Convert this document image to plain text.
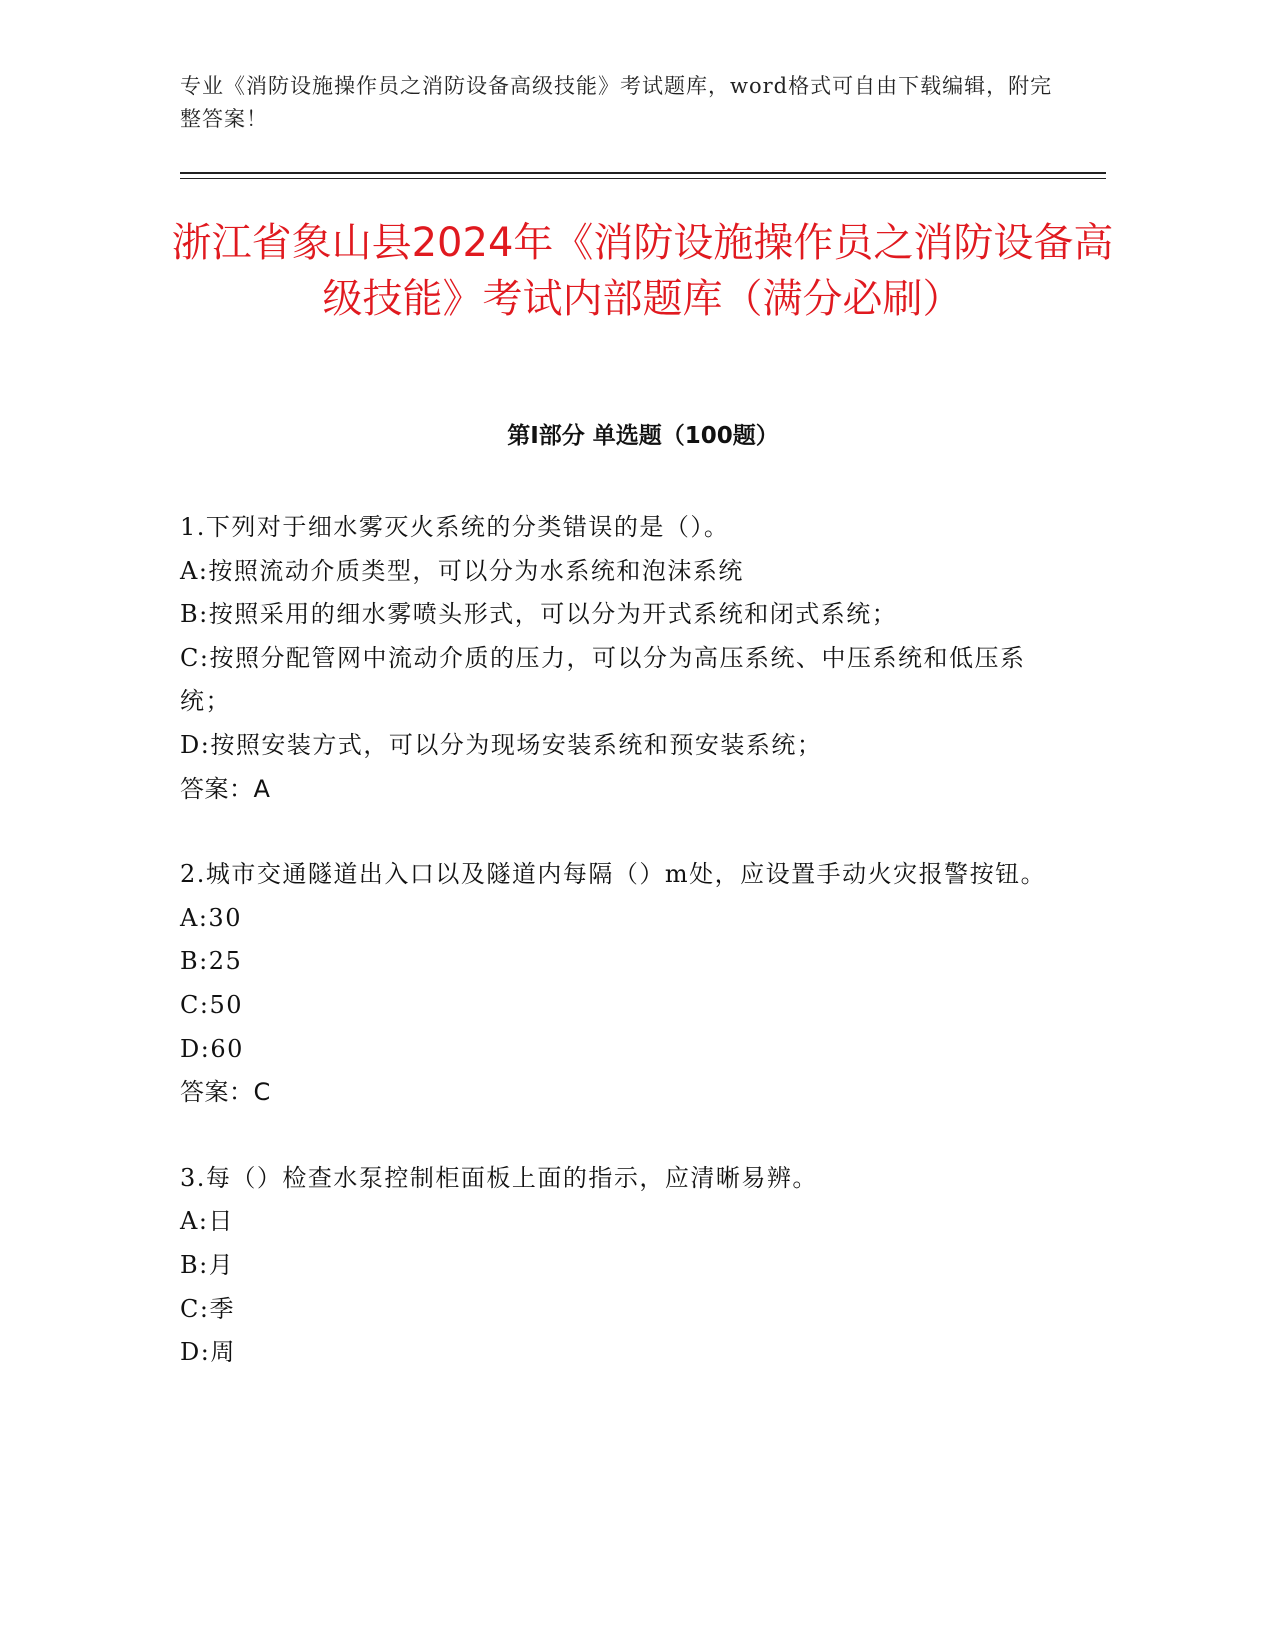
专业《消防设施操作员之消防设备高级技能》考试题库，word格式可自由下载编辑，附完整答案！
浙江省象山县2024年《消防设施操作员之消防设备高级技能》考试内部题库（满分必刷）
第I部分 单选题（100题）

1.下列对于细水雾灭火系统的分类错误的是（）。

A:按照流动介质类型，可以分为水系统和泡沫系统

B:按照采用的细水雾喷头形式，可以分为开式系统和闭式系统；

C:按照分配管网中流动介质的压力，可以分为高压系统、中压系统和低压系统；

D:按照安装方式，可以分为现场安装系统和预安装系统；

答案：A

2.城市交通隧道出入口以及隧道内每隔（）m处，应设置手动火灾报警按钮。

A:30

B:25

C:50

D:60

答案：C

3.每（）检查水泵控制柜面板上面的指示，应清晰易辨。

A:日

B:月

C:季

D:周
